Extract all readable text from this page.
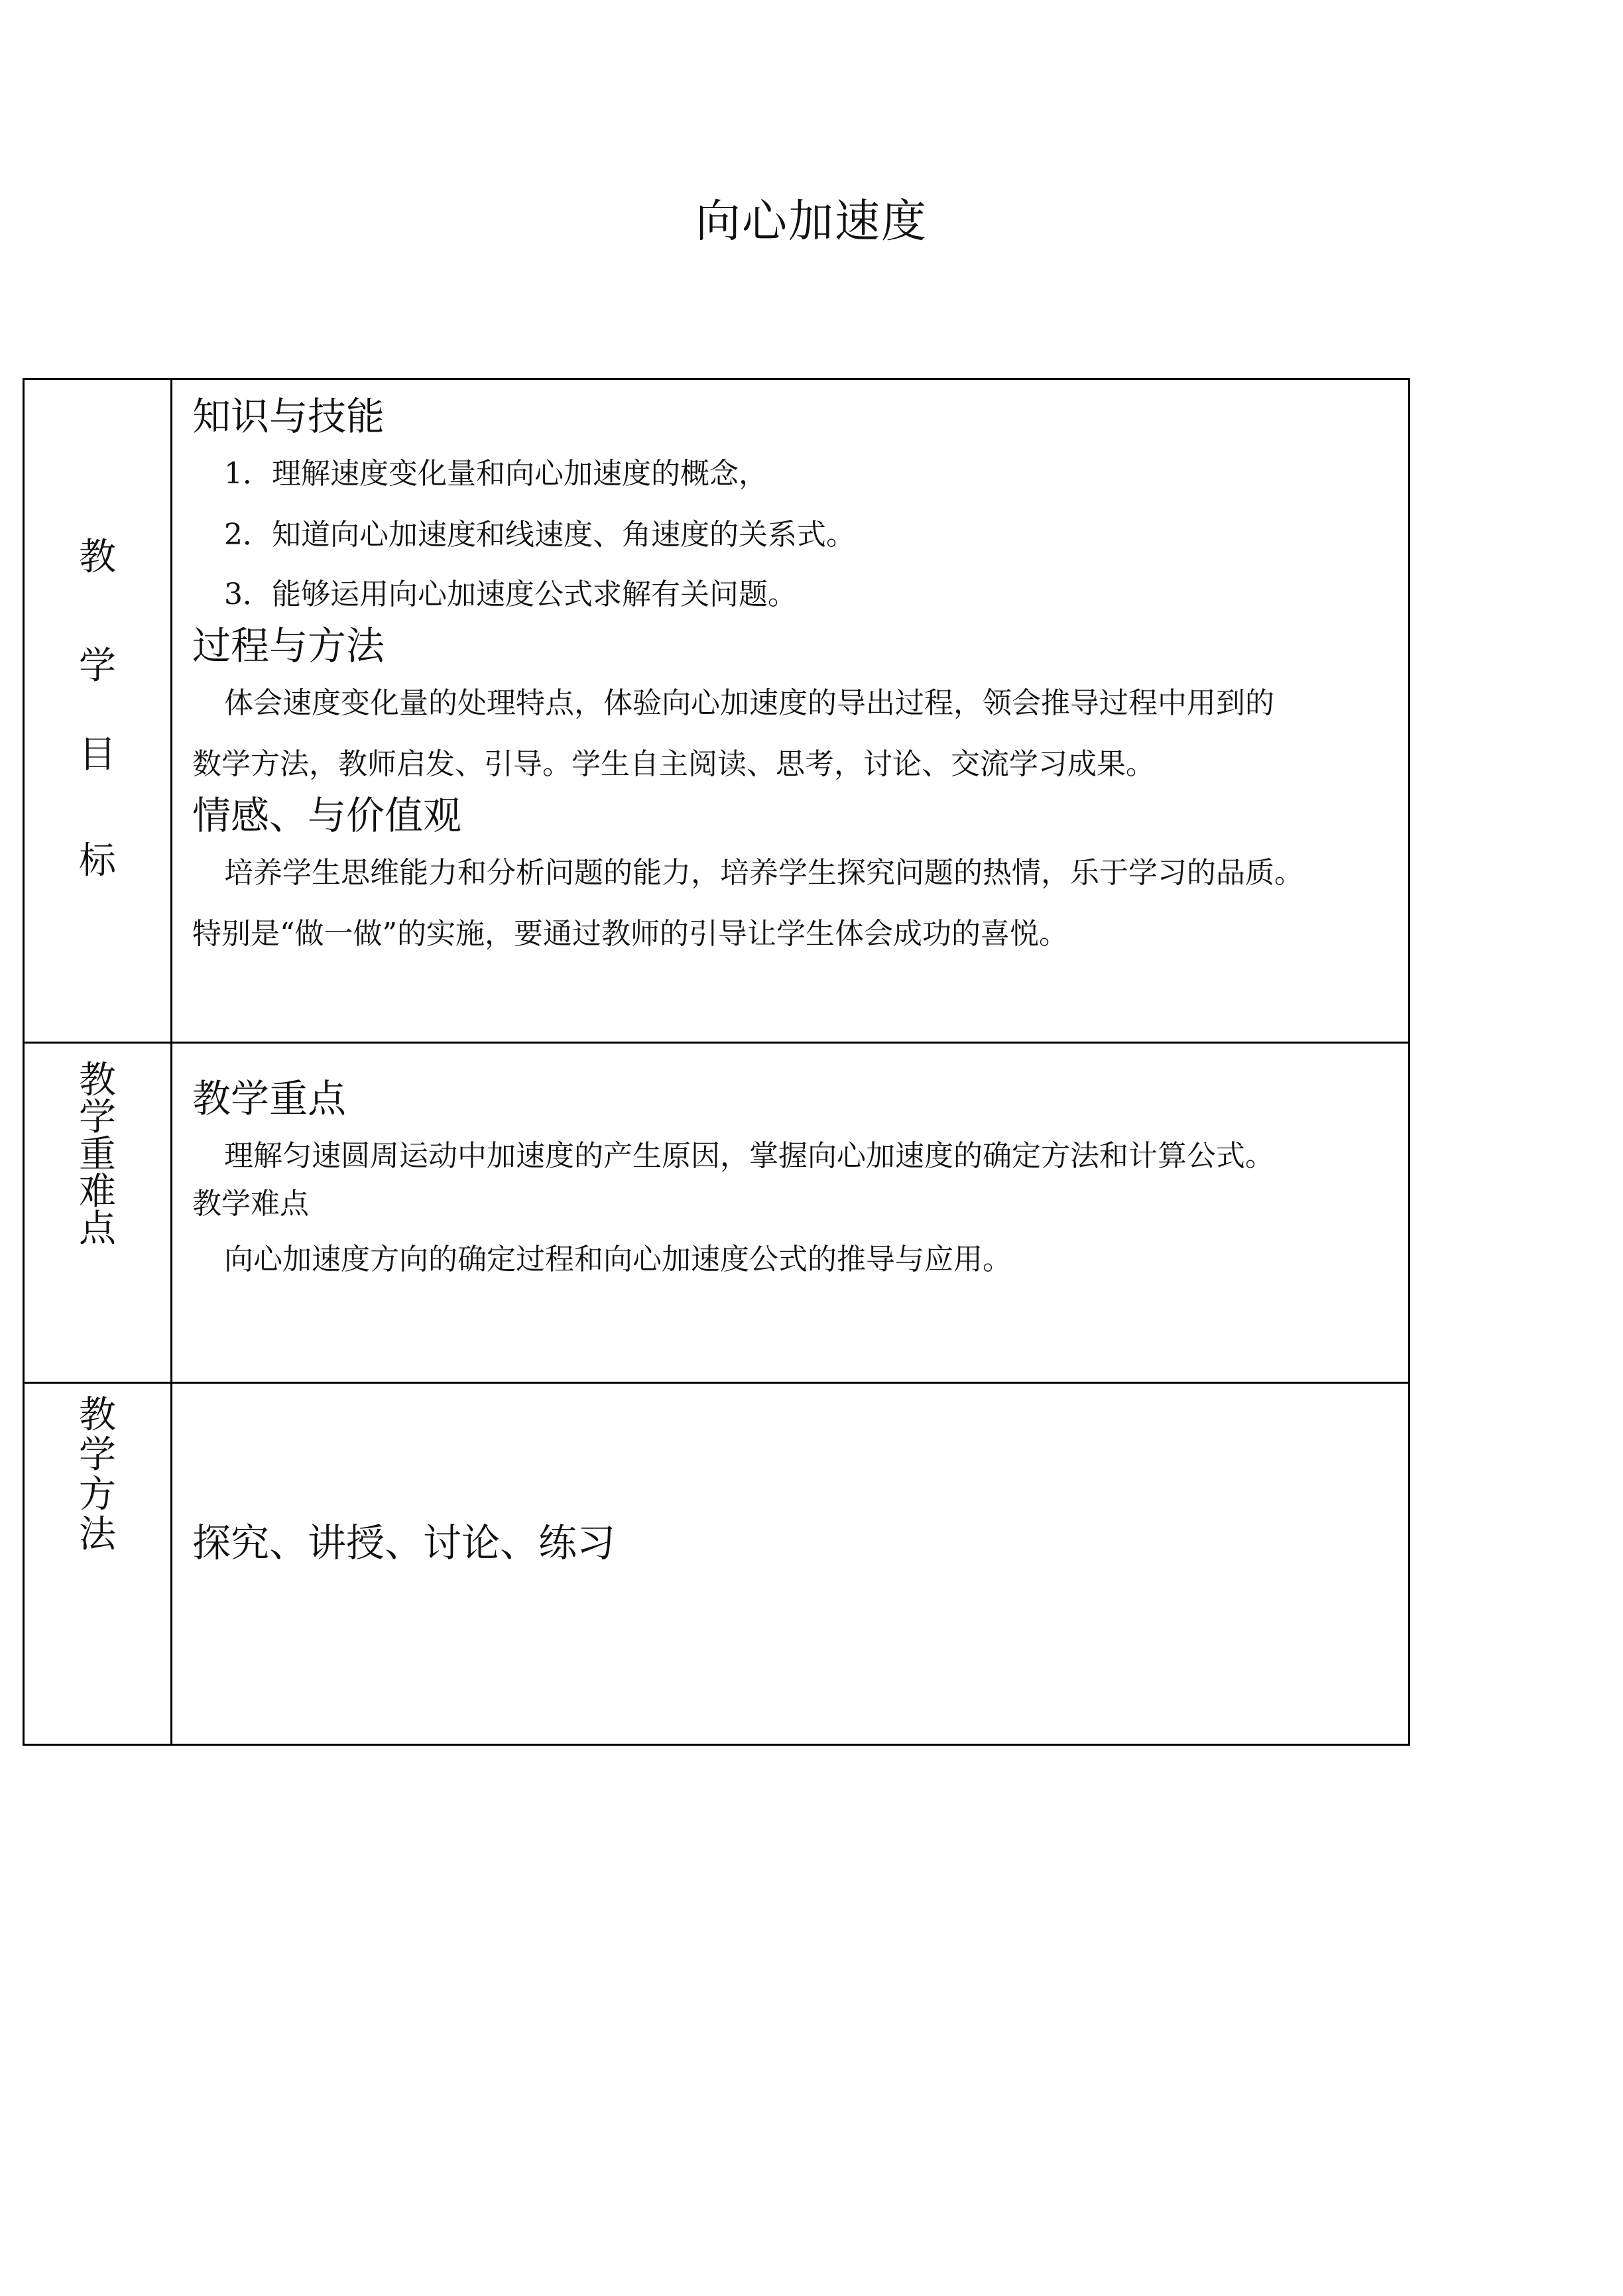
向心加速度
教
学
目
标

知识与技能

1．理解速度变化量和向心加速度的概念，

2．知道向心加速度和线速度、角速度的关系式。

3．能够运用向心加速度公式求解有关问题。

过程与方法

体会速度变化量的处理特点，体验向心加速度的导出过程，领会推导过程中用到的

数学方法，教师启发、引导。学生自主阅读、思考，讨论、交流学习成果。

情感、与价值观

培养学生思维能力和分析问题的能力，培养学生探究问题的热情，乐于学习的品质。

特别是“做一做”的实施，要通过教师的引导让学生体会成功的喜悦。

教
学
重
难
点

教学重点

理解匀速圆周运动中加速度的产生原因，掌握向心加速度的确定方法和计算公式。

教学难点

向心加速度方向的确定过程和向心加速度公式的推导与应用。

教
学
方
法 探究、讲授、讨论、练习
